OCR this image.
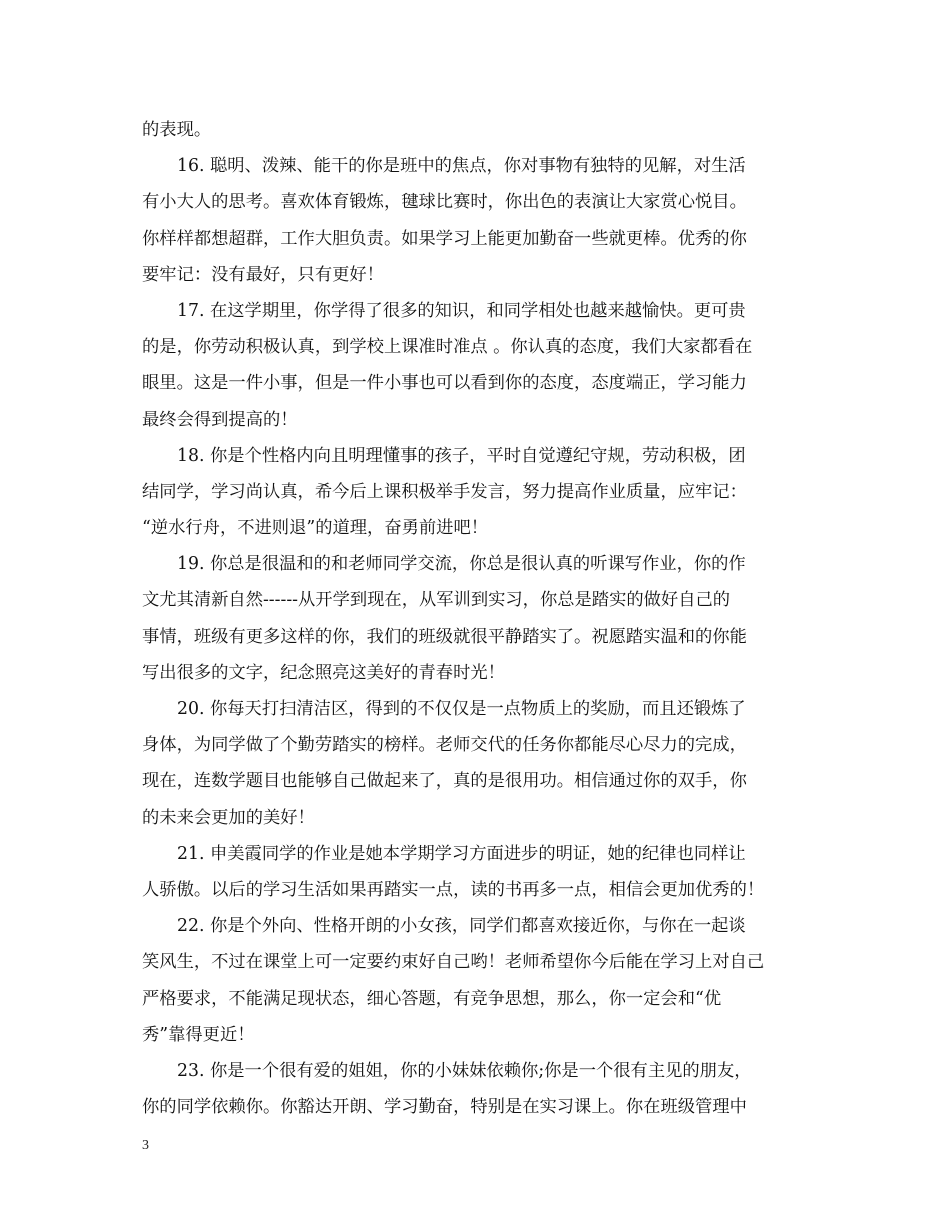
的表现。
16. 聪明、泼辣、能干的你是班中的焦点，你对事物有独特的见解，对生活
有小大人的思考。喜欢体育锻炼，毽球比赛时，你出色的表演让大家赏心悦目。
你样样都想超群，工作大胆负责。如果学习上能更加勤奋一些就更棒。优秀的你
要牢记：没有最好，只有更好！
17. 在这学期里，你学得了很多的知识，和同学相处也越来越愉快。更可贵
的是，你劳动积极认真，到学校上课准时准点 。你认真的态度，我们大家都看在
眼里。这是一件小事，但是一件小事也可以看到你的态度，态度端正，学习能力
最终会得到提高的！
18. 你是个性格内向且明理懂事的孩子，平时自觉遵纪守规，劳动积极，团
结同学，学习尚认真，希今后上课积极举手发言，努力提高作业质量，应牢记：
“逆水行舟，不进则退”的道理，奋勇前进吧！
19. 你总是很温和的和老师同学交流，你总是很认真的听课写作业，你的作
文尤其清新自然------从开学到现在，从军训到实习，你总是踏实的做好自己的
事情，班级有更多这样的你，我们的班级就很平静踏实了。祝愿踏实温和的你能
写出很多的文字，纪念照亮这美好的青春时光！
20. 你每天打扫清洁区，得到的不仅仅是一点物质上的奖励，而且还锻炼了
身体，为同学做了个勤劳踏实的榜样。老师交代的任务你都能尽心尽力的完成，
现在，连数学题目也能够自己做起来了，真的是很用功。相信通过你的双手，你
的未来会更加的美好！
21. 申美霞同学的作业是她本学期学习方面进步的明证，她的纪律也同样让
人骄傲。以后的学习生活如果再踏实一点，读的书再多一点，相信会更加优秀的！
22. 你是个外向、性格开朗的小女孩，同学们都喜欢接近你，与你在一起谈
笑风生，不过在课堂上可一定要约束好自己哟！老师希望你今后能在学习上对自己
严格要求，不能满足现状态，细心答题，有竞争思想，那么，你一定会和“优
秀”靠得更近！
23. 你是一个很有爱的姐姐，你的小妹妹依赖你;你是一个很有主见的朋友，
你的同学依赖你。你豁达开朗、学习勤奋，特别是在实习课上。你在班级管理中
3
